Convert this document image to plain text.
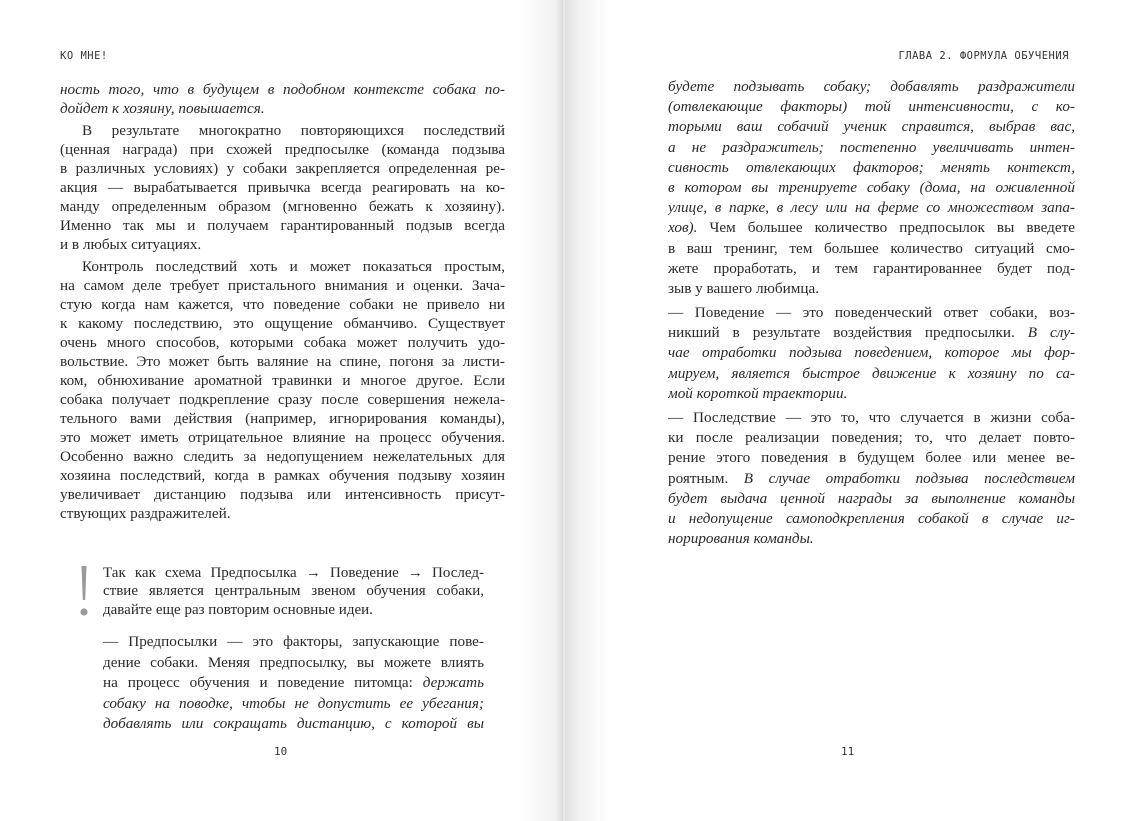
КО МНЕ!
ность того, что в будущем в подобном контексте собака по-
дойдет к хозяину, повышается.
В результате многократно повторяющихся последствий
(ценная награда) при схожей предпосылке (команда подзыва
в различных условиях) у собаки закрепляется определенная ре-
акция — вырабатывается привычка всегда реагировать на ко-
манду определенным образом (мгновенно бежать к хозяину).
Именно так мы и получаем гарантированный подзыв всегда
и в любых ситуациях.
Контроль последствий хоть и может показаться простым,
на самом деле требует пристального внимания и оценки. Зача-
стую когда нам кажется, что поведение собаки не привело ни
к какому последствию, это ощущение обманчиво. Существует
очень много способов, которыми собака может получить удо-
вольствие. Это может быть валяние на спине, погоня за листи-
ком, обнюхивание ароматной травинки и многое другое. Если
собака получает подкрепление сразу после совершения нежела-
тельного вами действия (например, игнорирования команды),
это может иметь отрицательное влияние на процесс обучения.
Особенно важно следить за недопущением нежелательных для
хозяина последствий, когда в рамках обучения подзыву хозяин
увеличивает дистанцию подзыва или интенсивность присут-
ствующих раздражителей.
Так как схема Предпосылка → Поведение → Послед-
ствие является центральным звеном обучения собаки,
давайте еще раз повторим основные идеи.
— Предпосылки — это факторы, запускающие пове-
дение собаки. Меняя предпосылку, вы можете влиять
на процесс обучения и поведение питомца: держать
собаку на поводке, чтобы не допустить ее убегания;
добавлять или сокращать дистанцию, с которой вы
10
ГЛАВА 2. ФОРМУЛА ОБУЧЕНИЯ
будете подзывать собаку; добавлять раздражители
(отвлекающие факторы) той интенсивности, с ко-
торыми ваш собачий ученик справится, выбрав вас,
а не раздражитель; постепенно увеличивать интен-
сивность отвлекающих факторов; менять контекст,
в котором вы тренируете собаку (дома, на оживленной
улице, в парке, в лесу или на ферме со множеством запа-
хов). Чем большее количество предпосылок вы введете
в ваш тренинг, тем большее количество ситуаций смо-
жете проработать, и тем гарантированнее будет под-
зыв у вашего любимца.
— Поведение — это поведенческий ответ собаки, воз-
никший в результате воздействия предпосылки. В слу-
чае отработки подзыва поведением, которое мы фор-
мируем, является быстрое движение к хозяину по са-
мой короткой траектории.
— Последствие — это то, что случается в жизни соба-
ки после реализации поведения; то, что делает повто-
рение этого поведения в будущем более или менее ве-
роятным. В случае отработки подзыва последствием
будет выдача ценной награды за выполнение команды
и недопущение самоподкрепления собакой в случае иг-
норирования команды.
11
